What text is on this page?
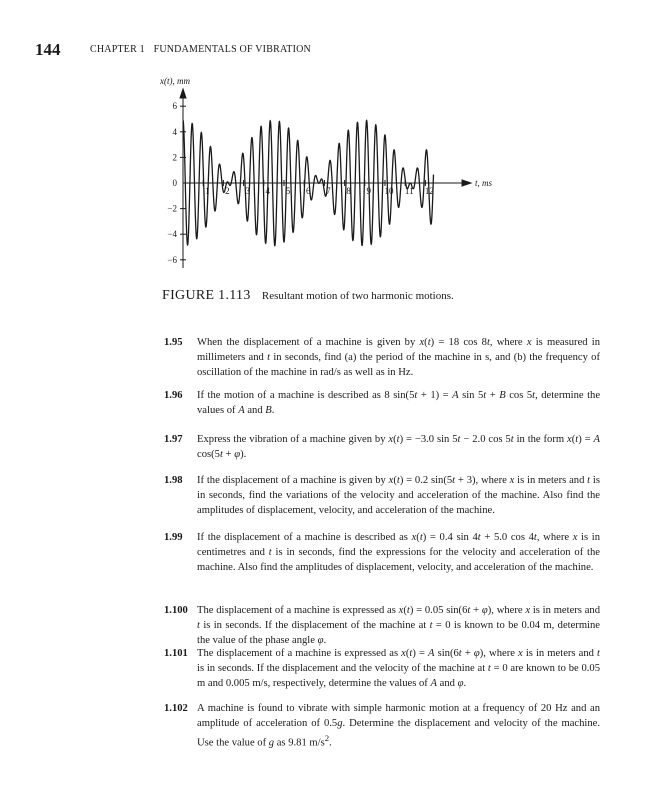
144	CHAPTER 1 FUNDAMENTALS OF VIBRATION
x(t), mm
t, ms
6
4
2
0
−2
−4
−6
1 2 3 4 5 6 7 8 9 10 11 12
FIGURE 1.113 Resultant motion of two harmonic motions.
1.95	When the displacement of a machine is given by x(t) = 18 cos 8t, where x is measured in millimeters and t in seconds, find (a) the period of the machine in s, and (b) the frequency of oscillation of the machine in rad/s as well as in Hz.
1.96	If the motion of a machine is described as 8 sin(5t + 1) = A sin 5t + B cos 5t, determine the values of A and B.
1.97	Express the vibration of a machine given by x(t) = −3.0 sin 5t − 2.0 cos 5t in the form x(t) = A cos(5t + φ).
1.98	If the displacement of a machine is given by x(t) = 0.2 sin(5t + 3), where x is in meters and t is in seconds, find the variations of the velocity and acceleration of the machine. Also find the amplitudes of displacement, velocity, and acceleration of the machine.
1.99	If the displacement of a machine is described as x(t) = 0.4 sin 4t + 5.0 cos 4t, where x is in centimetres and t is in seconds, find the expressions for the velocity and acceleration of the machine. Also find the amplitudes of displacement, velocity, and acceleration of the machine.
1.100 The displacement of a machine is expressed as x(t) = 0.05 sin(6t + φ), where x is in meters and t is in seconds. If the displacement of the machine at t = 0 is known to be 0.04 m, determine the value of the phase angle φ.
1.101 The displacement of a machine is expressed as x(t) = A sin(6t + φ), where x is in meters and t is in seconds. If the displacement and the velocity of the machine at t = 0 are known to be 0.05 m and 0.005 m/s, respectively, determine the values of A and φ.
1.102 A machine is found to vibrate with simple harmonic motion at a frequency of 20 Hz and an amplitude of acceleration of 0.5g. Determine the displacement and velocity of the machine. Use the value of g as 9.81 $m/s^2$.
